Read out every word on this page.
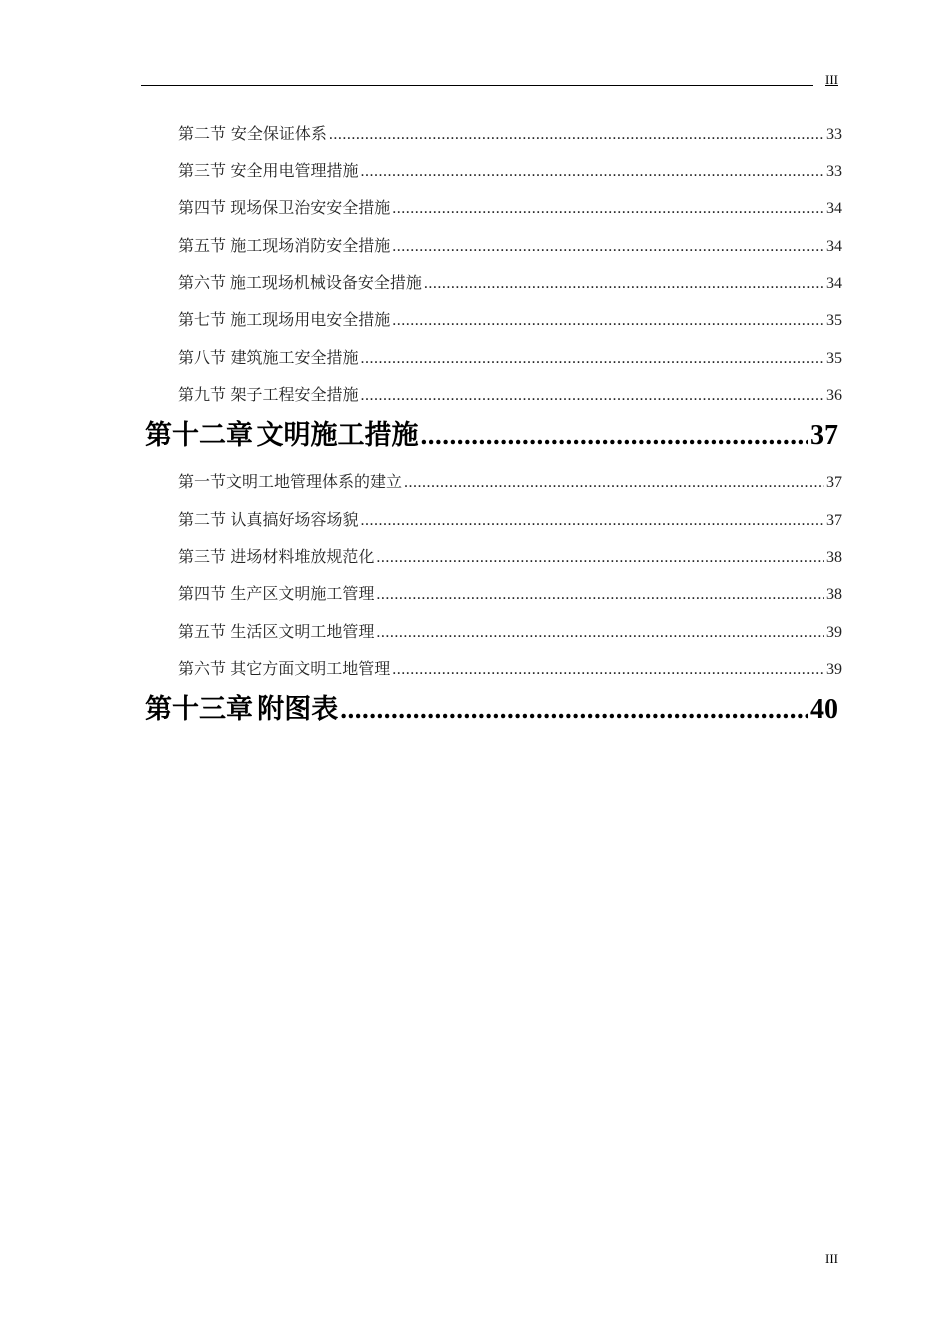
III
第二节 安全保证体系 .....	33
第三节 安全用电管理措施 .....	33
第四节 现场保卫治安安全措施 .....	34
第五节 施工现场消防安全措施 .....	34
第六节 施工现场机械设备安全措施 .....	34
第七节 施工现场用电安全措施 .....	35
第八节 建筑施工安全措施 .....	35
第九节 架子工程安全措施 .....	36
第十二章 文明施工措施 .....	37
第一节 文明工地管理体系的建立 .....	37
第二节 认真搞好场容场貌 .....	37
第三节 进场材料堆放规范化 .....	38
第四节 生产区文明施工管理 .....	38
第五节 生活区文明工地管理 .....	39
第六节 其它方面文明工地管理 .....	39
第十三章 附图表 .....	40
III
